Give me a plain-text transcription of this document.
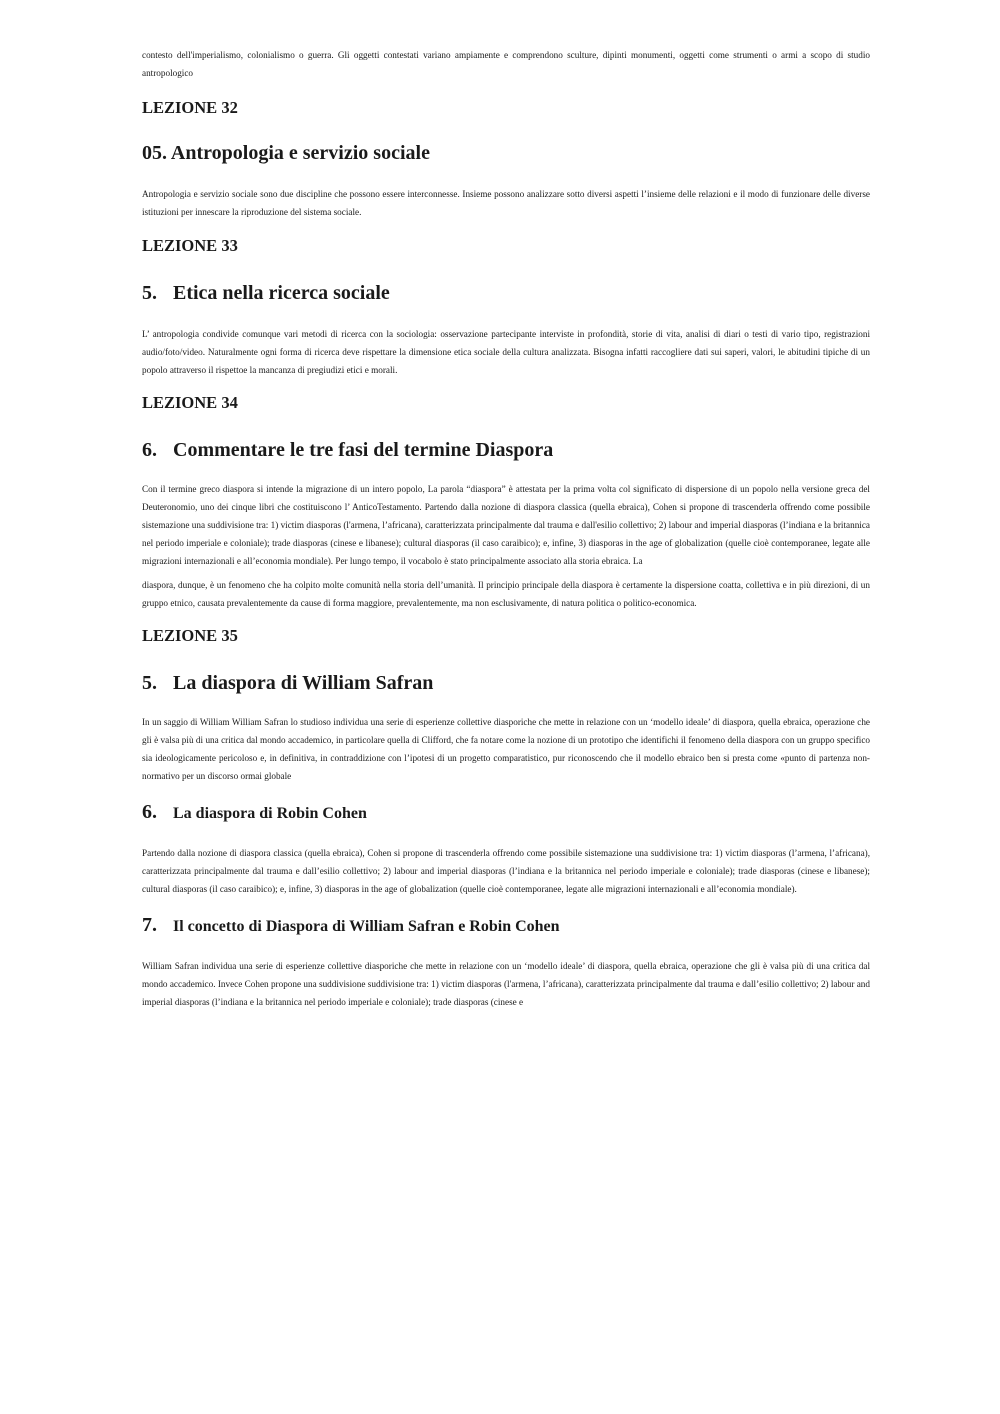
contesto dell'imperialismo, colonialismo o guerra. Gli oggetti contestati variano ampiamente e comprendono sculture, dipinti monumenti, oggetti come strumenti o armi a scopo di studio antropologico

LEZIONE 32
05. Antropologia e servizio sociale

Antropologia e servizio sociale sono due discipline che possono essere interconnesse. Insieme possono analizzare sotto diversi aspetti l’insieme delle relazioni e il modo di funzionare delle diverse istituzioni per innescare la riproduzione del sistema sociale.

LEZIONE 33
5. Etica nella ricerca sociale

L’ antropologia condivide comunque vari metodi di ricerca con la sociologia: osservazione partecipante interviste in profondità, storie di vita, analisi di diari o testi di vario tipo, registrazioni audio/foto/video. Naturalmente ogni forma di ricerca deve rispettare la dimensione etica sociale della cultura analizzata. Bisogna infatti raccogliere dati sui saperi, valori, le abitudini tipiche di un popolo attraverso il rispettoe la mancanza di pregiudizi etici e morali.

LEZIONE 34
6. Commentare le tre fasi del termine Diaspora

Con il termine greco diaspora si intende la migrazione di un intero popolo, La parola “diaspora” è attestata per la prima volta col significato di dispersione di un popolo nella versione greca del Deuteronomio, uno dei cinque libri che costituiscono l’ AnticoTestamento. Partendo dalla nozione di diaspora classica (quella ebraica), Cohen si propone di trascenderla offrendo come possibile sistemazione una suddivisione tra: 1) victim diasporas (l'armena, l’africana), caratterizzata principalmente dal trauma e dall'esilio collettivo; 2) labour and imperial diasporas (l’indiana e la britannica nel periodo imperiale e coloniale); trade diasporas (cinese e libanese); cultural diasporas (il caso caraibico); e, infine, 3) diasporas in the age of globalization (quelle cioè contemporanee, legate alle migrazioni internazionali e all’economia mondiale). Per lungo tempo, il vocabolo è stato principalmente associato alla storia ebraica. La

diaspora, dunque, è un fenomeno che ha colpito molte comunità nella storia dell’umanità. Il principio principale della diaspora è certamente la dispersione coatta, collettiva e in più direzioni, di un gruppo etnico, causata prevalentemente da cause di forma maggiore, prevalentemente, ma non esclusivamente, di natura politica o politico-economica.

LEZIONE 35
5. La diaspora di William Safran

In un saggio di William William Safran lo studioso individua una serie di esperienze collettive diasporiche che mette in relazione con un ‘modello ideale’ di diaspora, quella ebraica, operazione che gli è valsa più di una critica dal mondo accademico, in particolare quella di Clifford, che fa notare come la nozione di un prototipo che identifichi il fenomeno della diaspora con un gruppo specifico sia ideologicamente pericoloso e, in definitiva, in contraddizione con l’ipotesi di un progetto comparatistico, pur riconoscendo che il modello ebraico ben si presta come «punto di partenza non-normativo per un discorso ormai globale

6. La diaspora di Robin Cohen

Partendo dalla nozione di diaspora classica (quella ebraica), Cohen si propone di trascenderla offrendo come possibile sistemazione una suddivisione tra: 1) victim diasporas (l’armena, l’africana), caratterizzata principalmente dal trauma e dall’esilio collettivo; 2) labour and imperial diasporas (l’indiana e la britannica nel periodo imperiale e coloniale); trade diasporas (cinese e libanese); cultural diasporas (il caso caraibico); e, infine, 3) diasporas in the age of globalization (quelle cioè contemporanee, legate alle migrazioni internazionali e all’economia mondiale).

7. Il concetto di Diaspora di William Safran e Robin Cohen

William Safran individua una serie di esperienze collettive diasporiche che mette in relazione con un ‘modello ideale’ di diaspora, quella ebraica, operazione che gli è valsa più di una critica dal mondo accademico. Invece Cohen propone una suddivisione suddivisione tra: 1) victim diasporas (l'armena, l’africana), caratterizzata principalmente dal trauma e dall’esilio collettivo; 2) labour and imperial diasporas (l’indiana e la britannica nel periodo imperiale e coloniale); trade diasporas (cinese e
